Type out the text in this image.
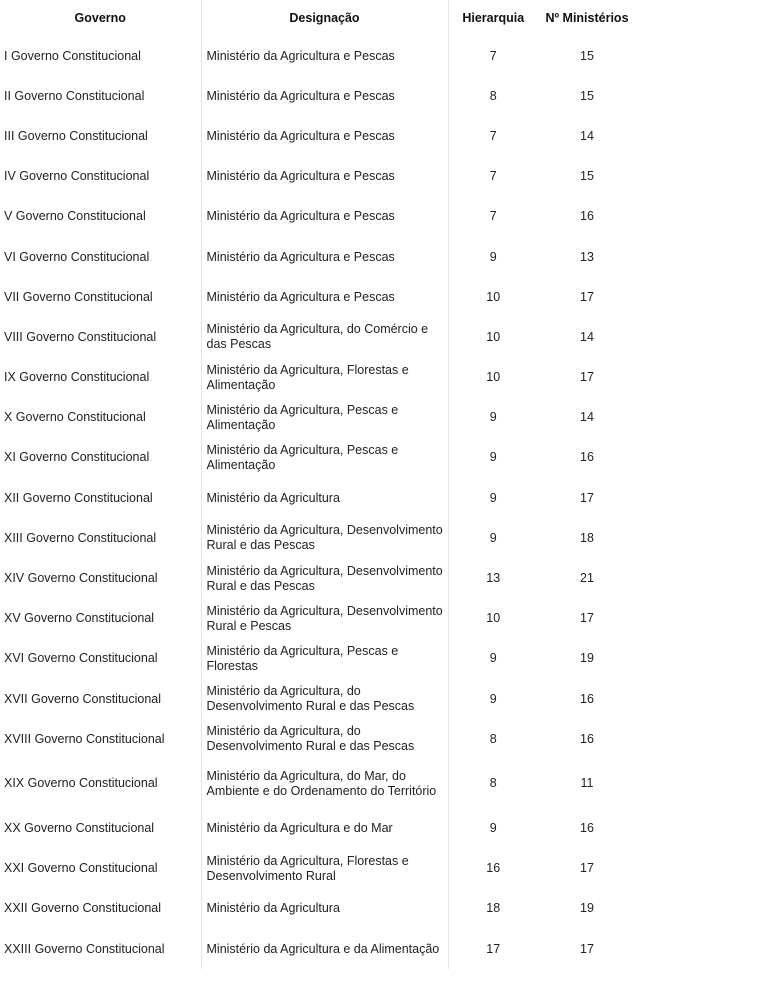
Governo	Designação	Hierarquia	Nº Ministérios
I Governo Constitucional	Ministério da Agricultura e Pescas	7	15
II Governo Constitucional	Ministério da Agricultura e Pescas	8	15
III Governo Constitucional	Ministério da Agricultura e Pescas	7	14
IV Governo Constitucional	Ministério da Agricultura e Pescas	7	15
V Governo Constitucional	Ministério da Agricultura e Pescas	7	16
VI Governo Constitucional	Ministério da Agricultura e Pescas	9	13
VII Governo Constitucional	Ministério da Agricultura e Pescas	10	17
VIII Governo Constitucional	Ministério da Agricultura, do Comércio e das Pescas	10	14
IX Governo Constitucional	Ministério da Agricultura, Florestas e Alimentação	10	17
X Governo Constitucional	Ministério da Agricultura, Pescas e Alimentação	9	14
XI Governo Constitucional	Ministério da Agricultura, Pescas e Alimentação	9	16
XII Governo Constitucional	Ministério da Agricultura	9	17
XIII Governo Constitucional	Ministério da Agricultura, Desenvolvimento Rural e das Pescas	9	18
XIV Governo Constitucional	Ministério da Agricultura, Desenvolvimento Rural e das Pescas	13	21
XV Governo Constitucional	Ministério da Agricultura, Desenvolvimento Rural e Pescas	10	17
XVI Governo Constitucional	Ministério da Agricultura, Pescas e Florestas	9	19
XVII Governo Constitucional	Ministério da Agricultura, do Desenvolvimento Rural e das Pescas	9	16
XVIII Governo Constitucional	Ministério da Agricultura, do Desenvolvimento Rural e das Pescas	8	16
XIX Governo Constitucional	Ministério da Agricultura, do Mar, do Ambiente e do Ordenamento do Território	8	11
XX Governo Constitucional	Ministério da Agricultura e do Mar	9	16
XXI Governo Constitucional	Ministério da Agricultura, Florestas e Desenvolvimento Rural	16	17
XXII Governo Constitucional	Ministério da Agricultura	18	19
XXIII Governo Constitucional	Ministério da Agricultura e da Alimentação	17	17
